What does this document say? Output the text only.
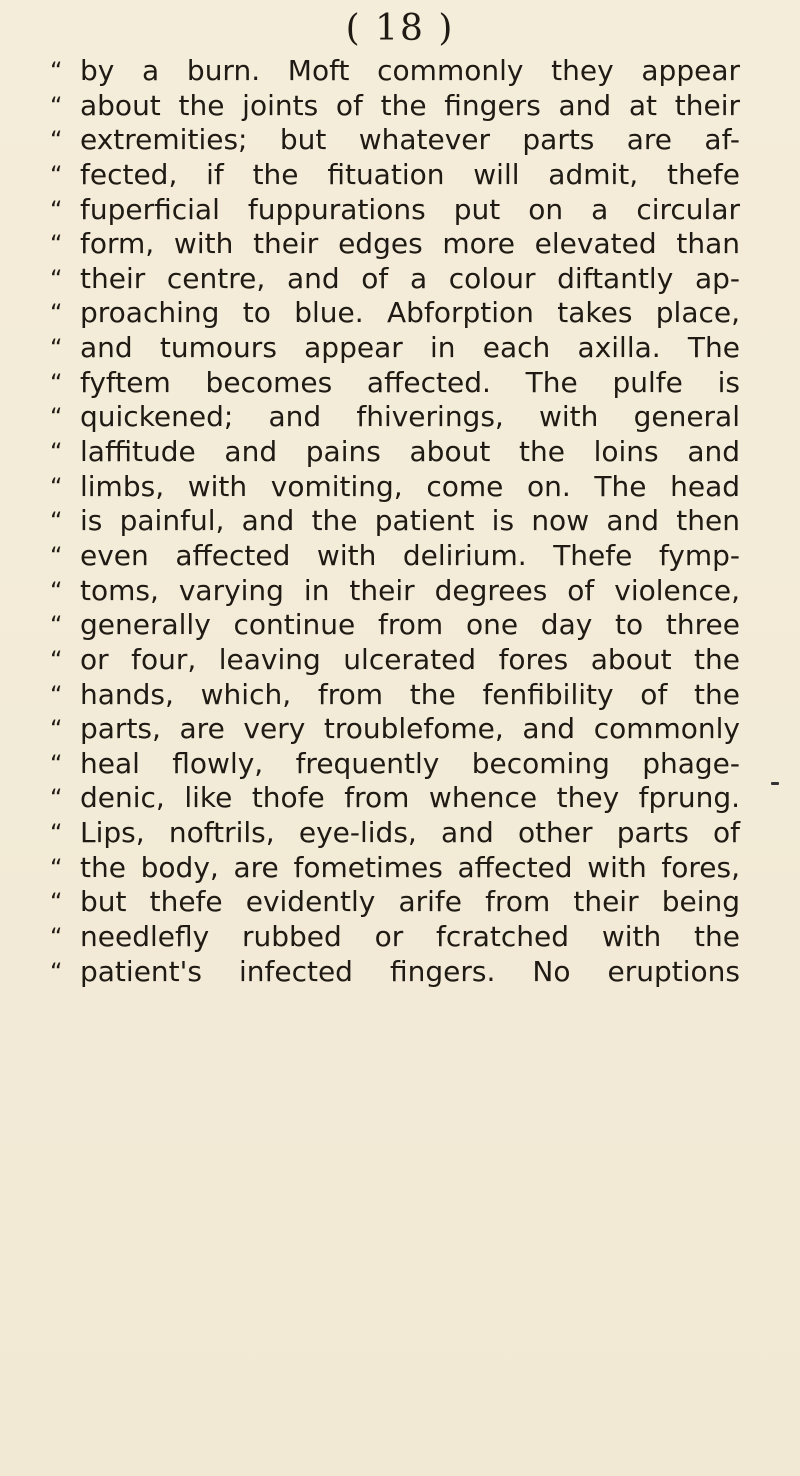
( 18 )
“ by a burn. Moft commonly they appear
“ about the joints of the fingers and at their
“ extremities; but whatever parts are af-
“ fected, if the fituation will admit, thefe
“ fuperficial fuppurations put on a circular
“ form, with their edges more elevated than
“ their centre, and of a colour diftantly ap-
“ proaching to blue. Abforption takes place,
“ and tumours appear in each axilla. The
“ fyftem becomes affected. The pulfe is
“ quickened; and fhiverings, with general
“ laffitude and pains about the loins and
“ limbs, with vomiting, come on. The head
“ is painful, and the patient is now and then
“ even affected with delirium. Thefe fymp-
“ toms, varying in their degrees of violence,
“ generally continue from one day to three
“ or four, leaving ulcerated fores about the
“ hands, which, from the fenfibility of the
“ parts, are very troublefome, and commonly
“ heal flowly, frequently becoming phage-
“ denic, like thofe from whence they fprung.
“ Lips, noftrils, eye-lids, and other parts of
“ the body, are fometimes affected with fores,
“ but thefe evidently arife from their being
“ needlefly rubbed or fcratched with the
“ patient's infected fingers. No eruptions
